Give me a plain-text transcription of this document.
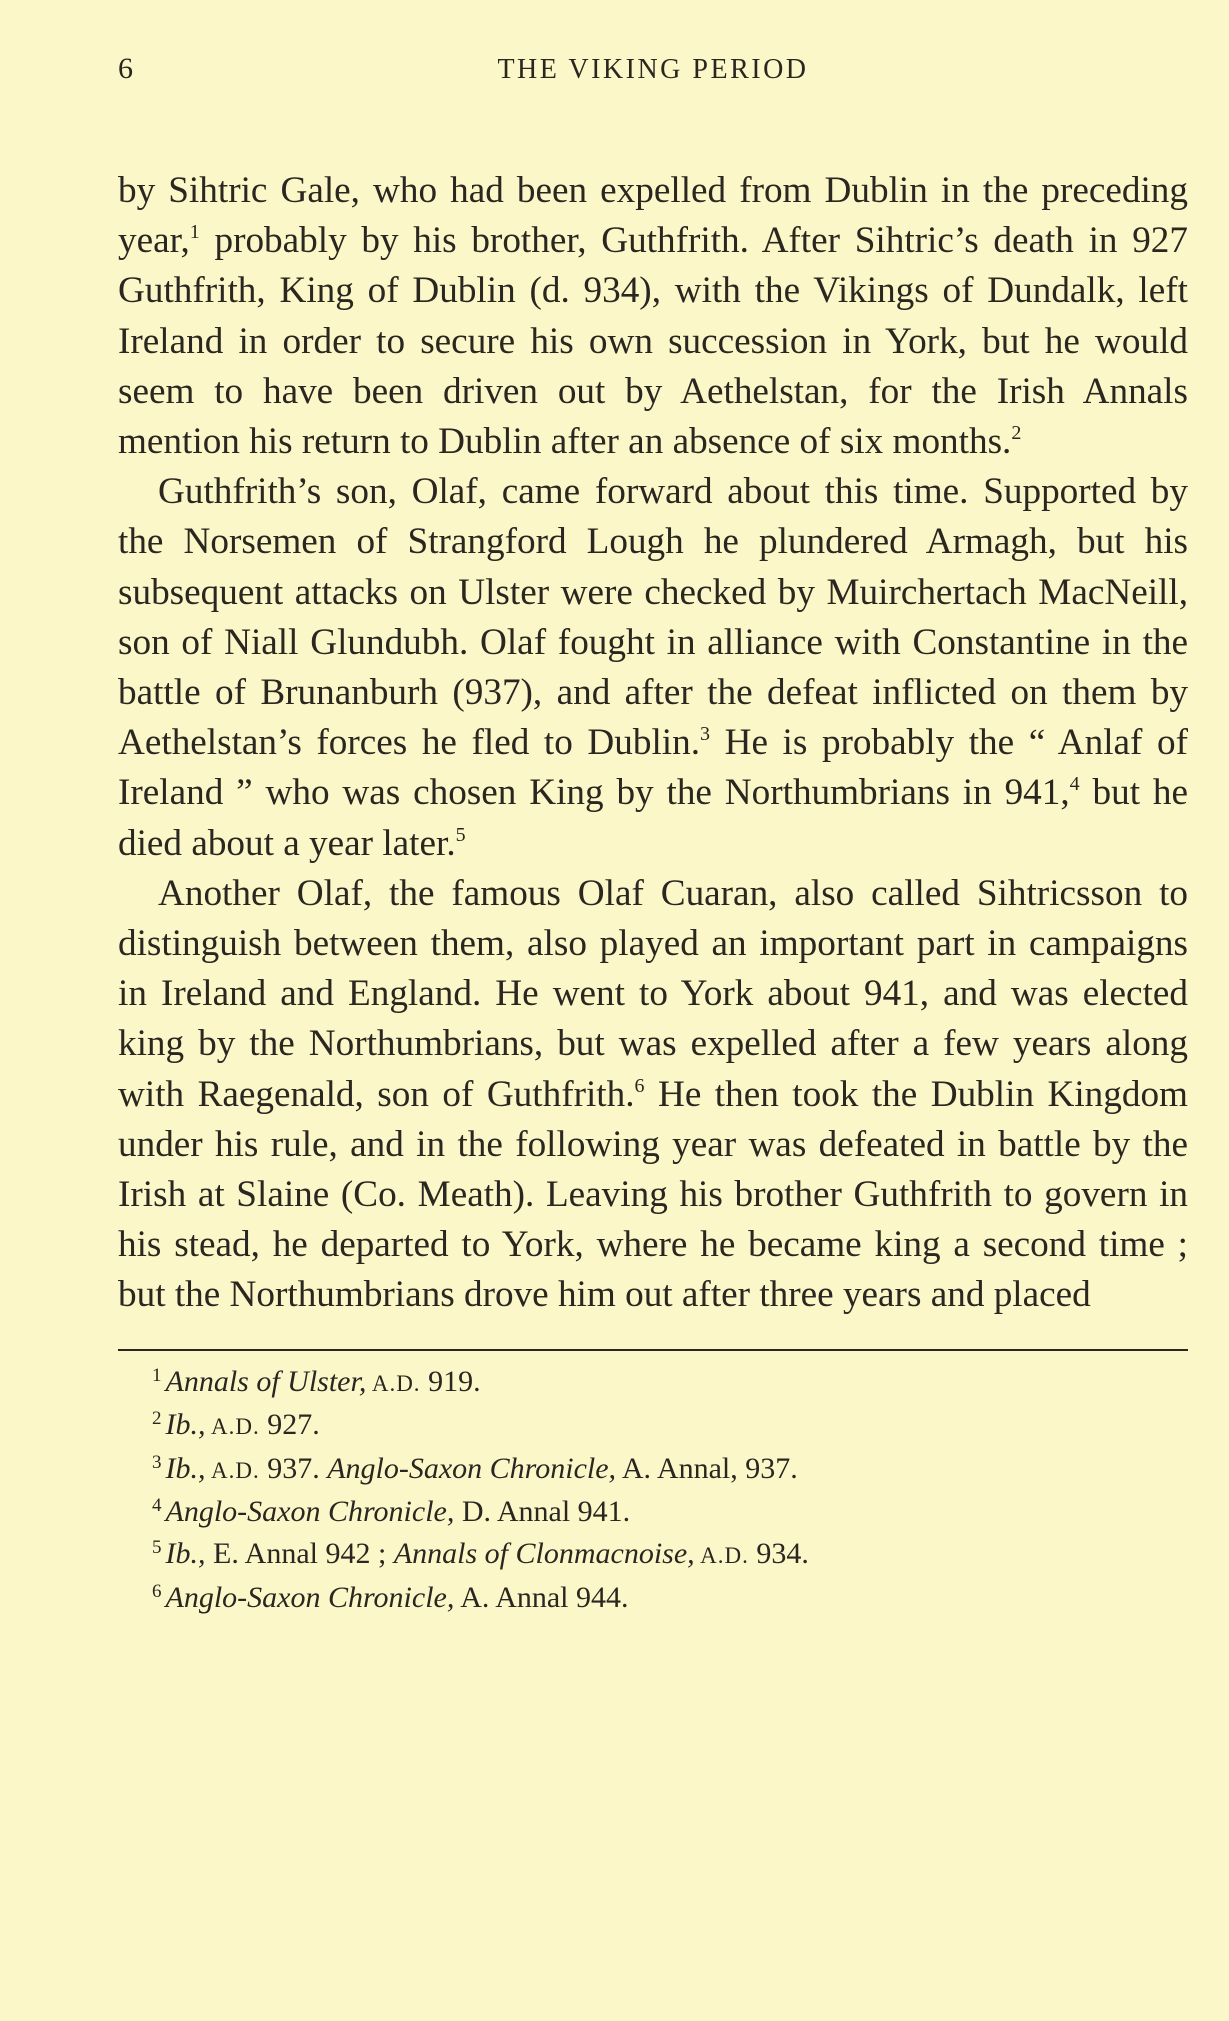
6	THE VIKING PERIOD

by Sihtric Gale, who had been expelled from Dublin in the preceding year,$^1$ probably by his brother, Guthfrith. After Sihtric’s death in 927 Guthfrith, King of Dublin (d. 934), with the Vikings of Dundalk, left Ireland in order to secure his own succession in York, but he would seem to have been driven out by Aethelstan, for the Irish Annals mention his return to Dublin after an absence of six months.$^2$

Guthfrith’s son, Olaf, came forward about this time. Supported by the Norsemen of Strangford Lough he plundered Armagh, but his subsequent attacks on Ulster were checked by Muirchertach MacNeill, son of Niall Glundubh. Olaf fought in alliance with Constantine in the battle of Brunanburh (937), and after the defeat inflicted on them by Aethelstan’s forces he fled to Dublin.$^3$ He is probably the “ Anlaf of Ireland ” who was chosen King by the Northumbrians in 941,$^4$ but he died about a year later.$^5$

Another Olaf, the famous Olaf Cuaran, also called Sihtricsson to distinguish between them, also played an important part in campaigns in Ireland and England. He went to York about 941, and was elected king by the Northumbrians, but was expelled after a few years along with Raegenald, son of Guthfrith.$^6$ He then took the Dublin Kingdom under his rule, and in the following year was defeated in battle by the Irish at Slaine (Co. Meath). Leaving his brother Guthfrith to govern in his stead, he departed to York, where he became king a second time ; but the Northumbrians drove him out after three years and placed

$^1$ Annals of Ulster, A.D. 919.

$^2$ Ib., A.D. 927.

$^3$ Ib., A.D. 937. Anglo-Saxon Chronicle, A. Annal, 937.

$^4$ Anglo-Saxon Chronicle, D. Annal 941.

$^5$ Ib., E. Annal 942 ; Annals of Clonmacnoise, A.D. 934.

$^6$ Anglo-Saxon Chronicle, A. Annal 944.
